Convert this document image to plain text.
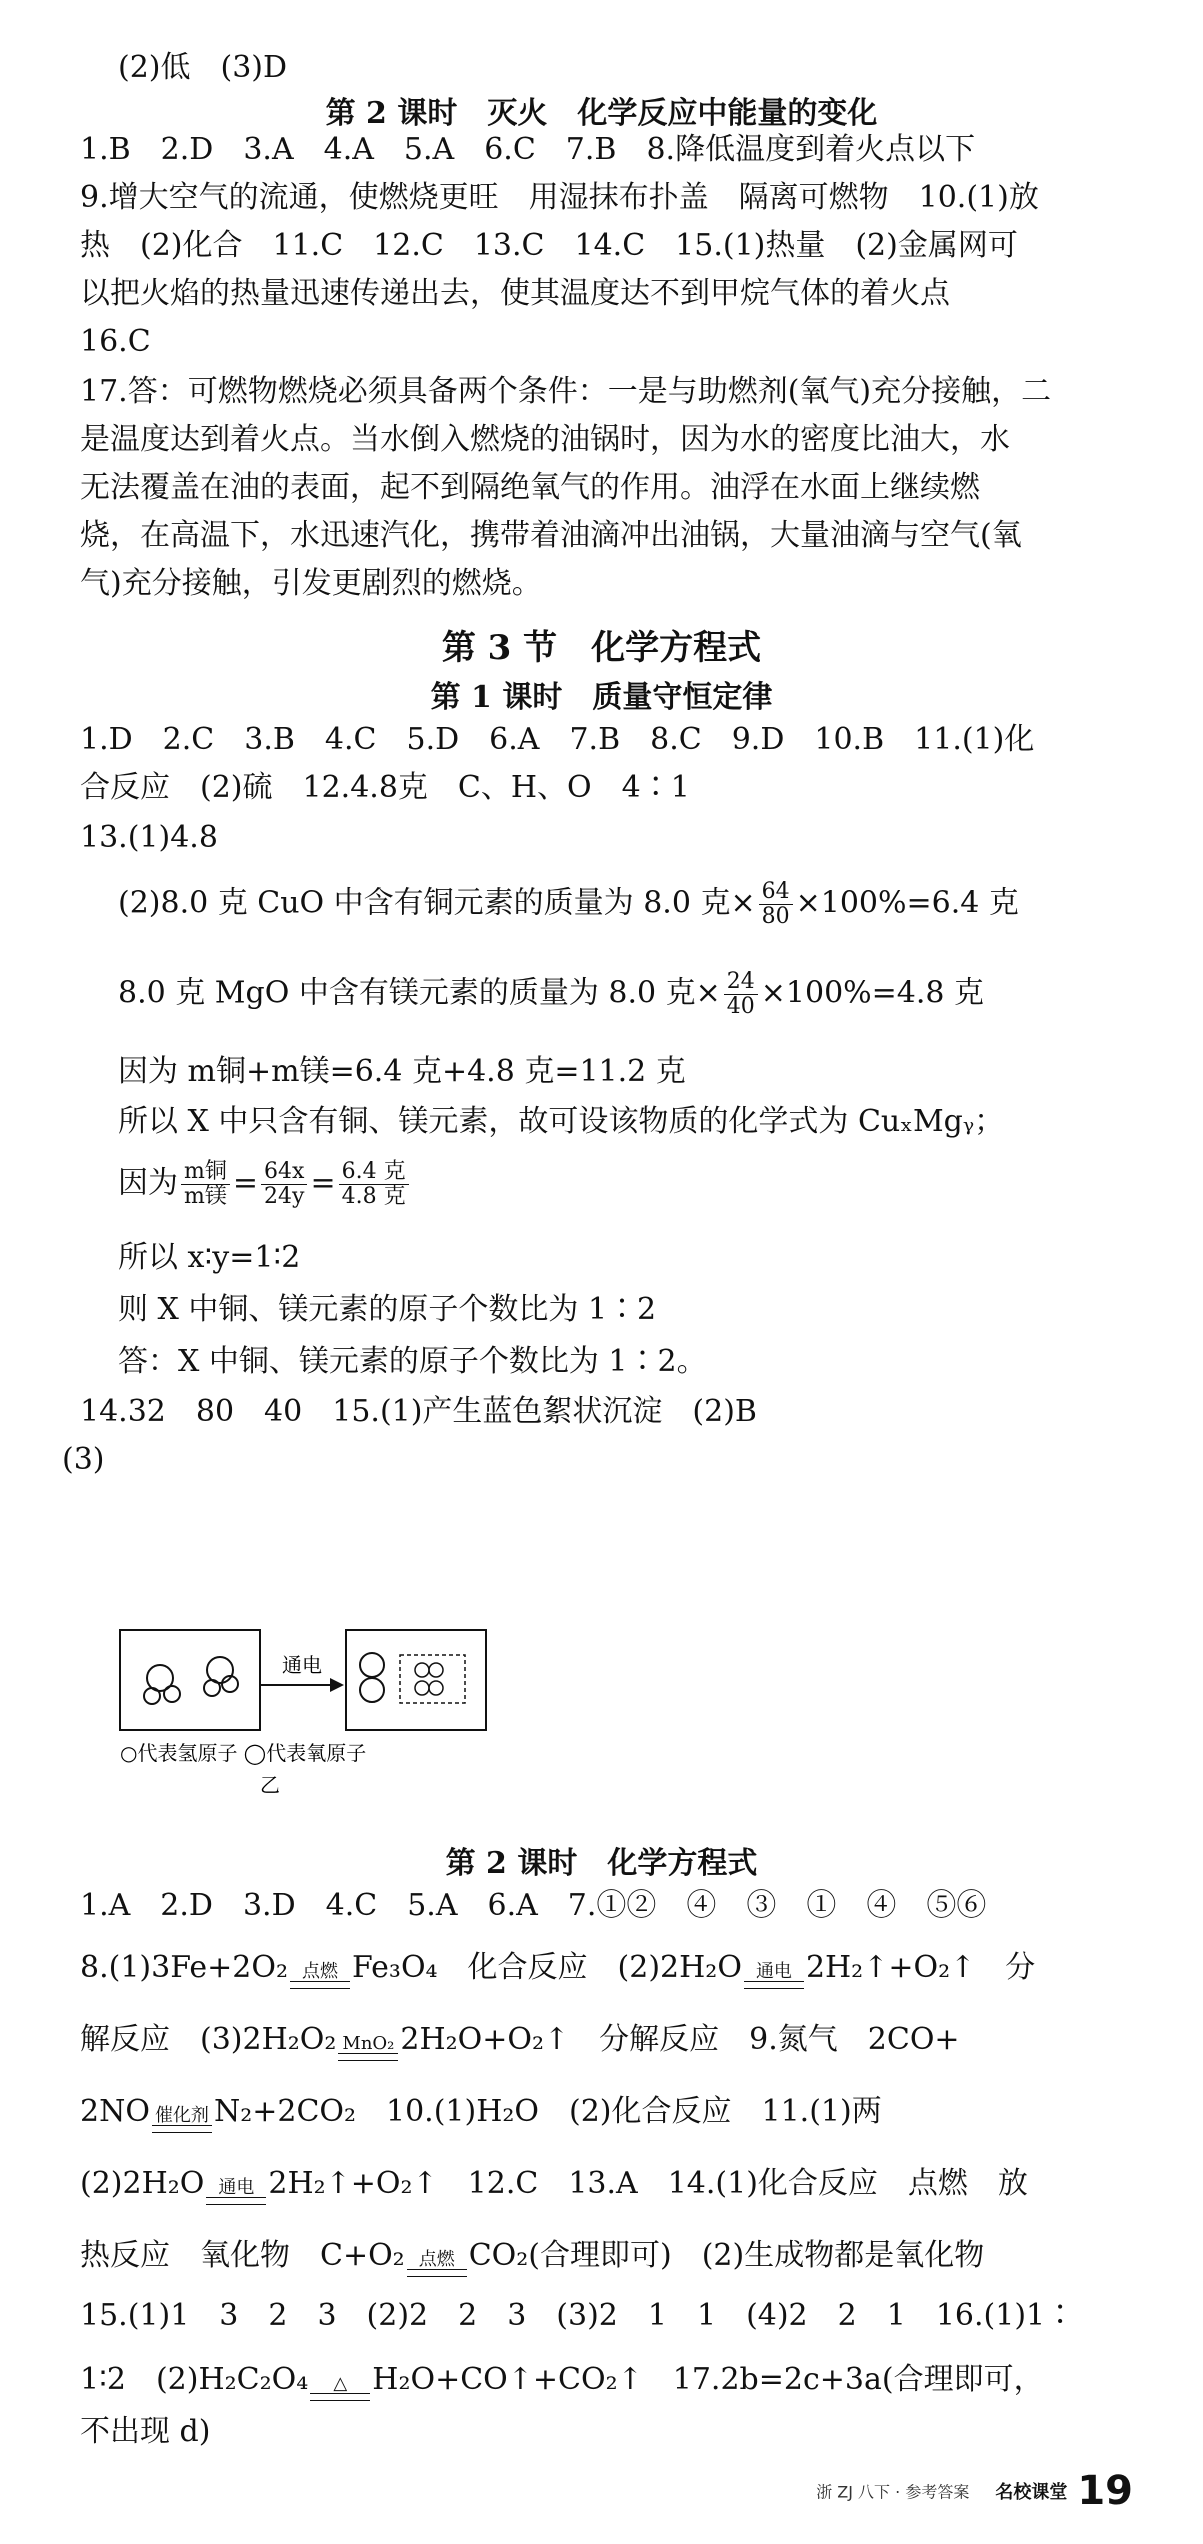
(2)低　(3)D
第 2 课时　灭火　化学反应中能量的变化
1.B　2.D　3.A　4.A　5.A　6.C　7.B　8.降低温度到着火点以下
9.增大空气的流通，使燃烧更旺　用湿抹布扑盖　隔离可燃物　10.(1)放
热　(2)化合　11.C　12.C　13.C　14.C　15.(1)热量　(2)金属网可
以把火焰的热量迅速传递出去，使其温度达不到甲烷气体的着火点
16.C
17.答：可燃物燃烧必须具备两个条件：一是与助燃剂(氧气)充分接触，二
是温度达到着火点。当水倒入燃烧的油锅时，因为水的密度比油大，水
无法覆盖在油的表面，起不到隔绝氧气的作用。油浮在水面上继续燃
烧，在高温下，水迅速汽化，携带着油滴冲出油锅，大量油滴与空气(氧
气)充分接触，引发更剧烈的燃烧。
第 3 节　化学方程式
第 1 课时　质量守恒定律
1.D　2.C　3.B　4.C　5.D　6.A　7.B　8.C　9.D　10.B　11.(1)化
合反应　(2)硫　12.4.8克　C、H、O　4∶1
13.(1)4.8
(2)8.0 克 CuO 中含有铜元素的质量为 8.0 克× $\frac{64}{80} \times 100\%=6.4$ 克
8.0 克 MgO 中含有镁元素的质量为 8.0 克× $\frac{24}{40} \times 100\%=4.8$ 克
因为 m铜+m镁=6.4 克+4.8 克=11.2 克
所以 X 中只含有铜、镁元素，故可设该物质的化学式为 CuₓMgᵧ；
因为 $\frac{\text{m铜}}{\text{m镁}} = \frac{64x}{24y} = \frac{\text{6.4 克}}{\text{4.8 克}}$
所以 x∶y=1∶2
则 X 中铜、镁元素的原子个数比为 1∶2
答：X 中铜、镁元素的原子个数比为 1∶2。
14.32　80　40　15.(1)产生蓝色絮状沉淀　(2)B
(3)
通电
○代表氢原子 ◯代表氧原子
乙
第 2 课时　化学方程式
1.A　2.D　3.D　4.C　5.A　6.A　7.①②　④　③　①　④　⑤⑥
8.(1)3Fe+2O₂ 点燃 Fe₃O₄　化合反应　(2)2H₂O 通电 2H₂↑+O₂↑　分
解反应　(3)2H₂O₂ MnO₂ 2H₂O+O₂↑　分解反应　9.氮气　2CO+
2NO 催化剂 N₂+2CO₂　10.(1)H₂O　(2)化合反应　11.(1)两
(2)2H₂O 通电 2H₂↑+O₂↑　12.C　13.A　14.(1)化合反应　点燃　放
热反应　氧化物　C+O₂ 点燃 CO₂(合理即可)　(2)生成物都是氧化物
15.(1)1　3　2　3　(2)2　2　3　(3)2　1　1　(4)2　2　1　16.(1)1∶
1∶2　(2)H₂C₂O₄	△ H₂O+CO↑+CO₂↑　17.2b=2c+3a(合理即可，
不出现 d)
浙 ZJ 八下 · 参考答案 名校课堂 19
